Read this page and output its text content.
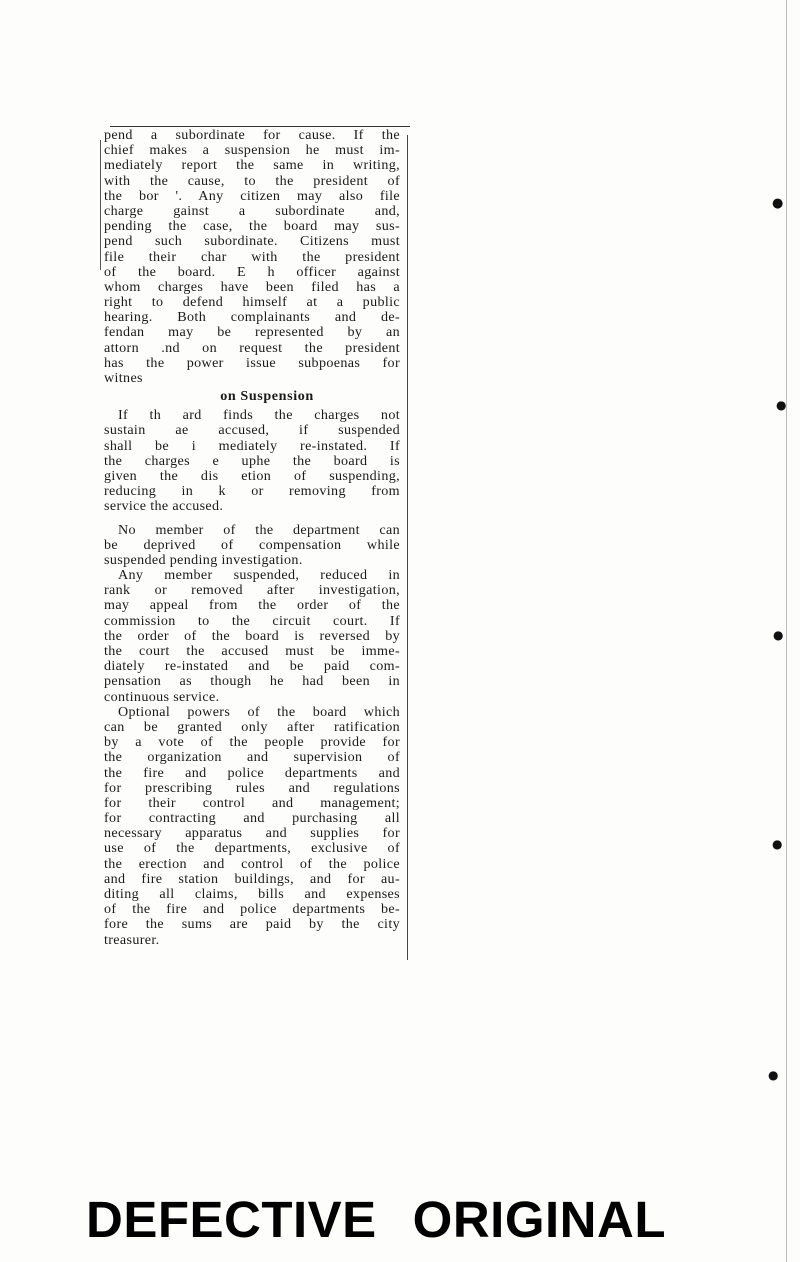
pend a subordinate for cause. If the
chief makes a suspension he must im-
mediately report the same in writing,
with the cause, to the president of
the bor '. Any citizen may also file
charge gainst a subordinate and,
pending the case, the board may sus-
pend such subordinate. Citizens must
file their char with the president
of the board. E h officer against
whom charges have been filed has a
right to defend himself at a public
hearing. Both complainants and de-
fendan may be represented by an
attorn .nd on request the president
has the power issue subpoenas for
witnes

on Suspension

If th ard finds the charges not
sustain ae accused, if suspended
shall be i mediately re-instated. If
the charges e uphe the board is
given the dis etion of suspending,
reducing in k or removing from
service the accused.

No member of the department can
be deprived of compensation while
suspended pending investigation.

Any member suspended, reduced in
rank or removed after investigation,
may appeal from the order of the
commission to the circuit court. If
the order of the board is reversed by
the court the accused must be imme-
diately re-instated and be paid com-
pensation as though he had been in
continuous service.

Optional powers of the board which
can be granted only after ratification
by a vote of the people provide for
the organization and supervision of
the fire and police departments and
for prescribing rules and regulations
for their control and management;
for contracting and purchasing all
necessary apparatus and supplies for
use of the departments, exclusive of
the erection and control of the police
and fire station buildings, and for au-
diting all claims, bills and expenses
of the fire and police departments be-
fore the sums are paid by the city
treasurer.

●
●
●
●
●
DEFECTIVE ORIGINAL
